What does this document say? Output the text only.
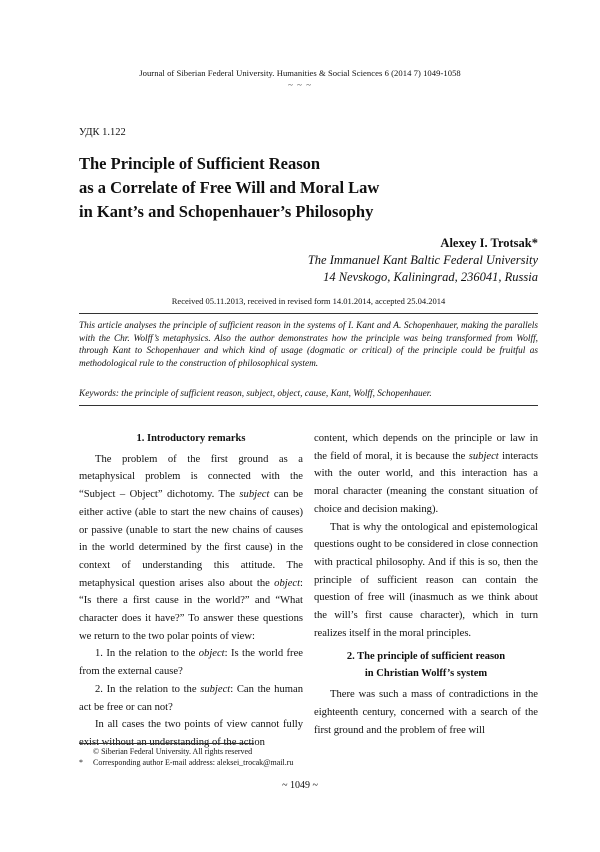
Journal of Siberian Federal University. Humanities & Social Sciences 6 (2014 7) 1049-1058
~ ~ ~
УДК 1.122
The Principle of Sufficient Reason
as a Correlate of Free Will and Moral Law
in Kant’s and Schopenhauer’s Philosophy
Alexey I. Trotsak*
The Immanuel Kant Baltic Federal University
14 Nevskogo, Kaliningrad, 236041, Russia
Received 05.11.2013, received in revised form 14.01.2014, accepted 25.04.2014
This article analyses the principle of sufficient reason in the systems of I. Kant and A. Schopenhauer, making the parallels with the Chr. Wolff’s metaphysics. Also the author demonstrates how the principle was being transformed from Wolff, through Kant to Schopenhauer and which kind of usage (dogmatic or critical) of the principle could be fruitful as methodological rule to the construction of philosophical system.
Keywords: the principle of sufficient reason, subject, object, cause, Kant, Wolff, Schopenhauer.

1. Introductory remarks

The problem of the first ground as a metaphysical problem is connected with the “Subject – Object” dichotomy. The subject can be either active (able to start the new chains of causes) or passive (unable to start the new chains of causes in the world determined by the first cause) in the context of understanding this attitude. The metaphysical question arises also about the object: “Is there a first cause in the world?” and “What character does it have?” To answer these questions we return to the two polar points of view:

1. In the relation to the object: Is the world free from the external cause?

2. In the relation to the subject: Can the human act be free or can not?

In all cases the two points of view cannot fully exist without an understanding of the action

content, which depends on the principle or law in the field of moral, it is because the subject interacts with the outer world, and this interaction has a moral character (meaning the constant situation of choice and decision making).

That is why the ontological and epistemological questions ought to be considered in close connection with practical philosophy. And if this is so, then the principle of sufficient reason can contain the question of free will (inasmuch as we think about the will’s first cause character), which in turn realizes itself in the moral principles.

2. The principle of sufficient reason
in Christian Wolff’s system

There was such a mass of contradictions in the eighteenth century, concerned with a search of the first ground and the problem of free will

© Siberian Federal University. All rights reserved
* Corresponding author E-mail address: aleksei_trocak@mail.ru
~ 1049 ~
